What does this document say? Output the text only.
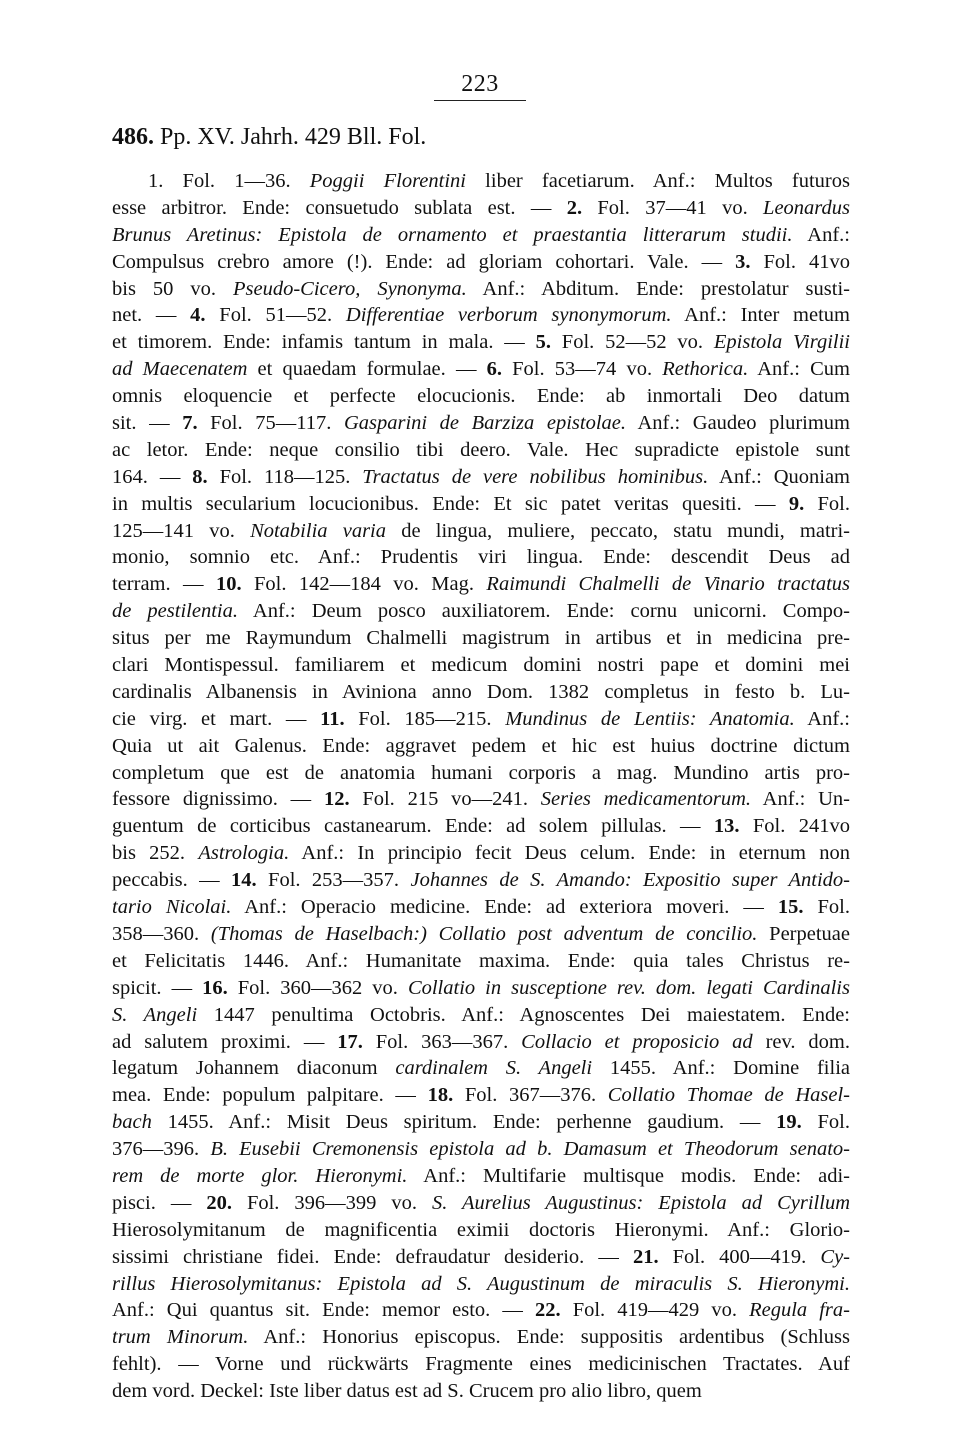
223
486. Pp. XV. Jahrh. 429 Bll. Fol.
1. Fol. 1—36. Poggii Florentini liber facetiarum. Anf.: Multos futuros
esse arbitror. Ende: consuetudo sublata est. — 2. Fol. 37—41 vo. Leonardus
Brunus Aretinus: Epistola de ornamento et praestantia litterarum studii. Anf.:
Compulsus crebro amore (!). Ende: ad gloriam cohortari. Vale. — 3. Fol. 41vo
bis 50 vo. Pseudo-Cicero, Synonyma. Anf.: Abditum. Ende: prestolatur susti-
net. — 4. Fol. 51—52. Differentiae verborum synonymorum. Anf.: Inter metum
et timorem. Ende: infamis tantum in mala. — 5. Fol. 52—52 vo. Epistola Virgilii
ad Maecenatem et quaedam formulae. — 6. Fol. 53—74 vo. Rethorica. Anf.: Cum
omnis eloquencie et perfecte elocucionis. Ende: ab inmortali Deo datum
sit. — 7. Fol. 75—117. Gasparini de Barziza epistolae. Anf.: Gaudeo plurimum
ac letor. Ende: neque consilio tibi deero. Vale. Hec supradicte epistole sunt
164. — 8. Fol. 118—125. Tractatus de vere nobilibus hominibus. Anf.: Quoniam
in multis secularium locucionibus. Ende: Et sic patet veritas quesiti. — 9. Fol.
125—141 vo. Notabilia varia de lingua, muliere, peccato, statu mundi, matri-
monio, somnio etc. Anf.: Prudentis viri lingua. Ende: descendit Deus ad
terram. — 10. Fol. 142—184 vo. Mag. Raimundi Chalmelli de Vinario tractatus
de pestilentia. Anf.: Deum posco auxiliatorem. Ende: cornu unicorni. Compo-
situs per me Raymundum Chalmelli magistrum in artibus et in medicina pre-
clari Montispessul. familiarem et medicum domini nostri pape et domini mei
cardinalis Albanensis in Aviniona anno Dom. 1382 completus in festo b. Lu-
cie virg. et mart. — 11. Fol. 185—215. Mundinus de Lentiis: Anatomia. Anf.:
Quia ut ait Galenus. Ende: aggravet pedem et hic est huius doctrine dictum
completum que est de anatomia humani corporis a mag. Mundino artis pro-
fessore dignissimo. — 12. Fol. 215 vo—241. Series medicamentorum. Anf.: Un-
guentum de corticibus castanearum. Ende: ad solem pillulas. — 13. Fol. 241vo
bis 252. Astrologia. Anf.: In principio fecit Deus celum. Ende: in eternum non
peccabis. — 14. Fol. 253—357. Johannes de S. Amando: Expositio super Antido-
tario Nicolai. Anf.: Operacio medicine. Ende: ad exteriora moveri. — 15. Fol.
358—360. (Thomas de Haselbach:) Collatio post adventum de concilio. Perpetuae
et Felicitatis 1446. Anf.: Humanitate maxima. Ende: quia tales Christus re-
spicit. — 16. Fol. 360—362 vo. Collatio in susceptione rev. dom. legati Cardinalis
S. Angeli 1447 penultima Octobris. Anf.: Agnoscentes Dei maiestatem. Ende:
ad salutem proximi. — 17. Fol. 363—367. Collacio et proposicio ad rev. dom.
legatum Johannem diaconum cardinalem S. Angeli 1455. Anf.: Domine filia
mea. Ende: populum palpitare. — 18. Fol. 367—376. Collatio Thomae de Hasel-
bach 1455. Anf.: Misit Deus spiritum. Ende: perhenne gaudium. — 19. Fol.
376—396. B. Eusebii Cremonensis epistola ad b. Damasum et Theodorum senato-
rem de morte glor. Hieronymi. Anf.: Multifarie multisque modis. Ende: adi-
pisci. — 20. Fol. 396—399 vo. S. Aurelius Augustinus: Epistola ad Cyrillum
Hierosolymitanum de magnificentia eximii doctoris Hieronymi. Anf.: Glorio-
sissimi christiane fidei. Ende: defraudatur desiderio. — 21. Fol. 400—419. Cy-
rillus Hierosolymitanus: Epistola ad S. Augustinum de miraculis S. Hieronymi.
Anf.: Qui quantus sit. Ende: memor esto. — 22. Fol. 419—429 vo. Regula fra-
trum Minorum. Anf.: Honorius episcopus. Ende: suppositis ardentibus (Schluss
fehlt). — Vorne und rückwärts Fragmente eines medicinischen Tractates. Auf
dem vord. Deckel: Iste liber datus est ad S. Crucem pro alio libro, quem
